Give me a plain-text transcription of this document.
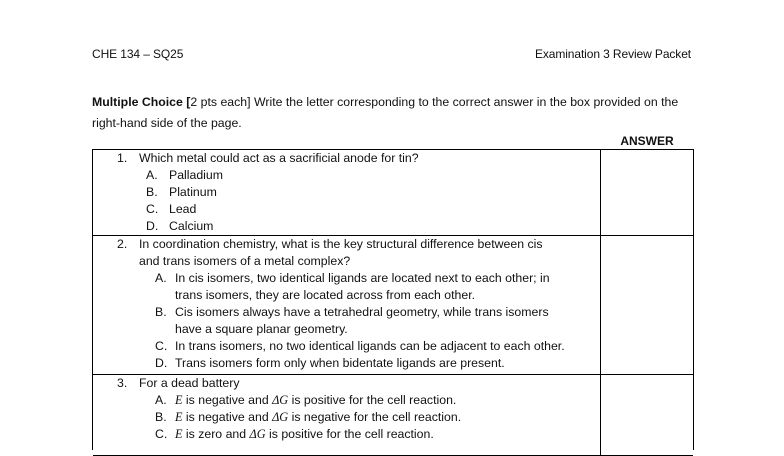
CHE 134 – SQ25	Examination 3 Review Packet
Multiple Choice [2 pts each] Write the letter corresponding to the correct answer in the box provided on the right-hand side of the page.
ANSWER
1. Which metal could act as a sacrificial anode for tin?
A. Palladium
B. Platinum
C. Lead
D. Calcium
2. In coordination chemistry, what is the key structural difference between cis
and trans isomers of a metal complex?
A. In cis isomers, two identical ligands are located next to each other; in
trans isomers, they are located across from each other.
B. Cis isomers always have a tetrahedral geometry, while trans isomers
have a square planar geometry.
C. In trans isomers, no two identical ligands can be adjacent to each other.
D. Trans isomers form only when bidentate ligands are present.
3. For a dead battery
A. E is negative and ΔG is positive for the cell reaction.
B. E is negative and ΔG is negative for the cell reaction.
C. E is zero and ΔG is positive for the cell reaction.
